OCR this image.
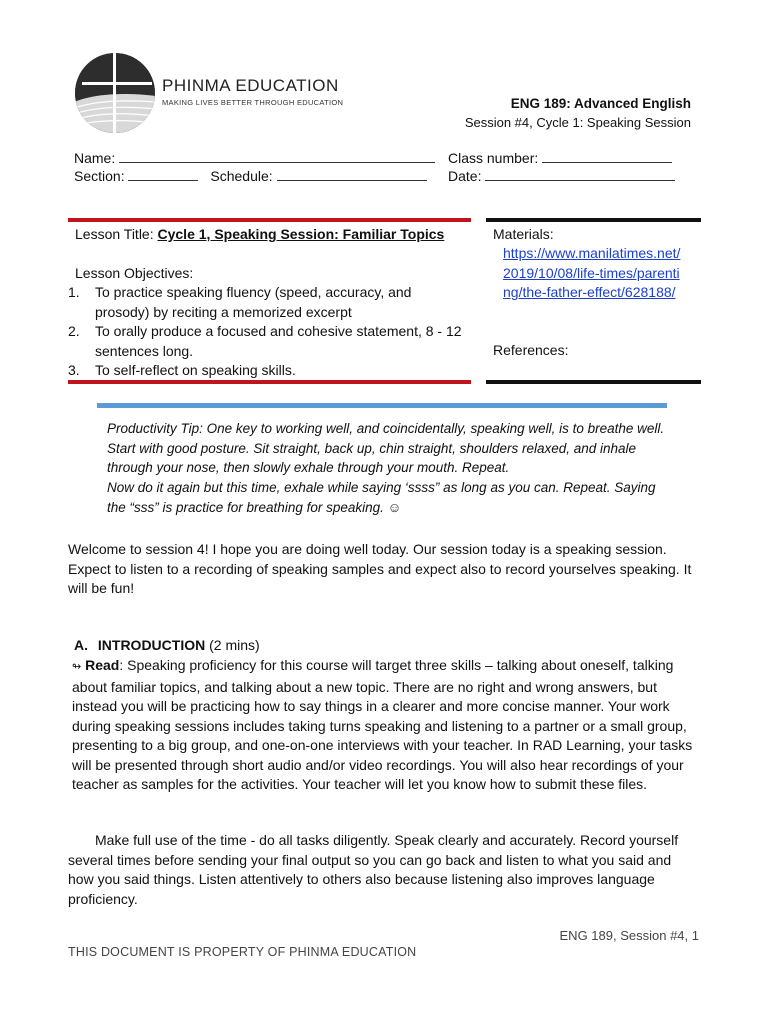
PHINMA EDUCATION
MAKING LIVES BETTER THROUGH EDUCATION	ENG 189: Advanced English
Session #4, Cycle 1: Speaking Session
Name:	Class number:
Section:	Schedule:	Date:
Lesson Title: Cycle 1, Speaking Session: Familiar Topics
Lesson Objectives:
1. To practice speaking fluency (speed, accuracy, and prosody) by reciting a memorized excerpt
2. To orally produce a focused and cohesive statement, 8 - 12 sentences long.
3. To self-reflect on speaking skills.
Materials:
https://www.manilatimes.net/2019/10/08/life-times/parenting/the-father-effect/628188/
References:
Productivity Tip: One key to working well, and coincidentally, speaking well, is to breathe well. Start with good posture. Sit straight, back up, chin straight, shoulders relaxed, and inhale through your nose, then slowly exhale through your mouth. Repeat.
Now do it again but this time, exhale while saying ‘ssss” as long as you can. Repeat. Saying the “sss” is practice for breathing for speaking. ☺
Welcome to session 4! I hope you are doing well today. Our session today is a speaking session. Expect to listen to a recording of speaking samples and expect also to record yourselves speaking. It will be fun!
A. INTRODUCTION (2 mins)
↬ Read: Speaking proficiency for this course will target three skills – talking about oneself, talking about familiar topics, and talking about a new topic. There are no right and wrong answers, but instead you will be practicing how to say things in a clearer and more concise manner. Your work during speaking sessions includes taking turns speaking and listening to a partner or a small group, presenting to a big group, and one-on-one interviews with your teacher. In RAD Learning, your tasks will be presented through short audio and/or video recordings. You will also hear recordings of your teacher as samples for the activities. Your teacher will let you know how to submit these files.
Make full use of the time - do all tasks diligently. Speak clearly and accurately. Record yourself several times before sending your final output so you can go back and listen to what you said and how you said things. Listen attentively to others also because listening also improves language proficiency.
ENG 189, Session #4, 1
THIS DOCUMENT IS PROPERTY OF PHINMA EDUCATION
